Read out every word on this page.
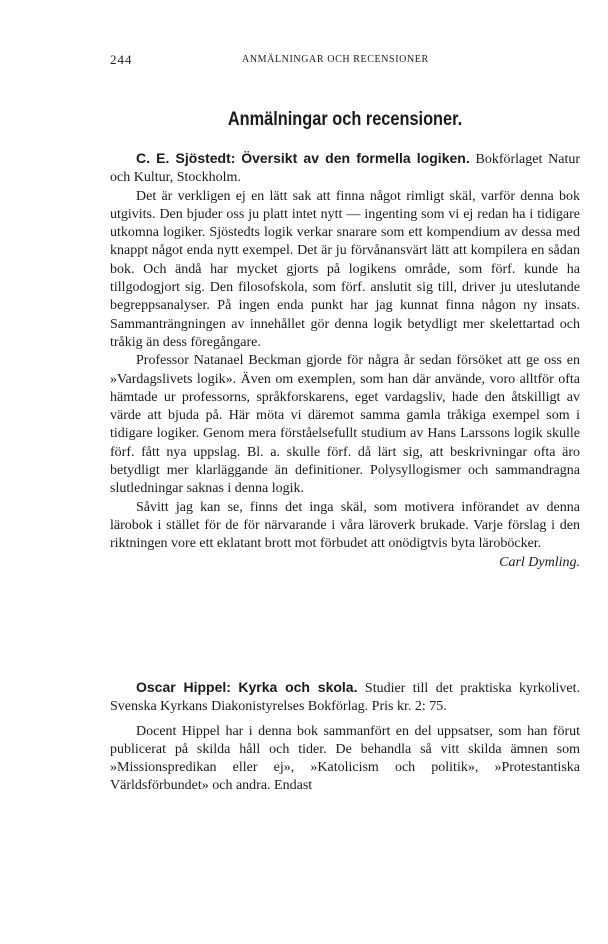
244	ANMÄLNINGAR OCH RECENSIONER
Anmälningar och recensioner.

C. E. Sjöstedt: Översikt av den formella logiken. Bokförlaget Natur och Kultur, Stockholm.

Det är verkligen ej en lätt sak att finna något rimligt skäl, varför denna bok utgivits. Den bjuder oss ju platt intet nytt — ingenting som vi ej redan ha i tidigare utkomna logiker. Sjöstedts logik verkar snarare som ett kompendium av dessa med knappt något enda nytt exempel. Det är ju förvånansvärt lätt att kompilera en sådan bok. Och ändå har mycket gjorts på logikens område, som förf. kunde ha tillgodogjort sig. Den filosofskola, som förf. anslutit sig till, driver ju uteslutande begreppsanalyser. På ingen enda punkt har jag kunnat finna någon ny insats. Sammanträngningen av innehållet gör denna logik betydligt mer skelettartad och tråkig än dess föregångare.

Professor Natanael Beckman gjorde för några år sedan försöket att ge oss en »Vardagslivets logik». Även om exemplen, som han där använde, voro alltför ofta hämtade ur professorns, språkforskarens, eget vardagsliv, hade den åtskilligt av värde att bjuda på. Här möta vi däremot samma gamla tråkiga exempel som i tidigare logiker. Genom mera förståelsefullt studium av Hans Larssons logik skulle förf. fått nya uppslag. Bl. a. skulle förf. då lärt sig, att beskrivningar ofta äro betydligt mer klarläggande än definitioner. Polysyllogismer och sammandragna slutledningar saknas i denna logik.

Såvitt jag kan se, finns det inga skäl, som motivera införandet av denna lärobok i stället för de för närvarande i våra läroverk brukade. Varje förslag i den riktningen vore ett eklatant brott mot förbudet att onödigtvis byta läroböcker.

Carl Dymling.

Oscar Hippel: Kyrka och skola. Studier till det praktiska kyrkolivet. Svenska Kyrkans Diakonistyrelses Bokförlag. Pris kr. 2: 75.

Docent Hippel har i denna bok sammanfört en del uppsatser, som han förut publicerat på skilda håll och tider. De behandla så vitt skilda ämnen som »Missionspredikan eller ej», »Katolicism och politik», »Protestantiska Världsförbundet» och andra. Endast
